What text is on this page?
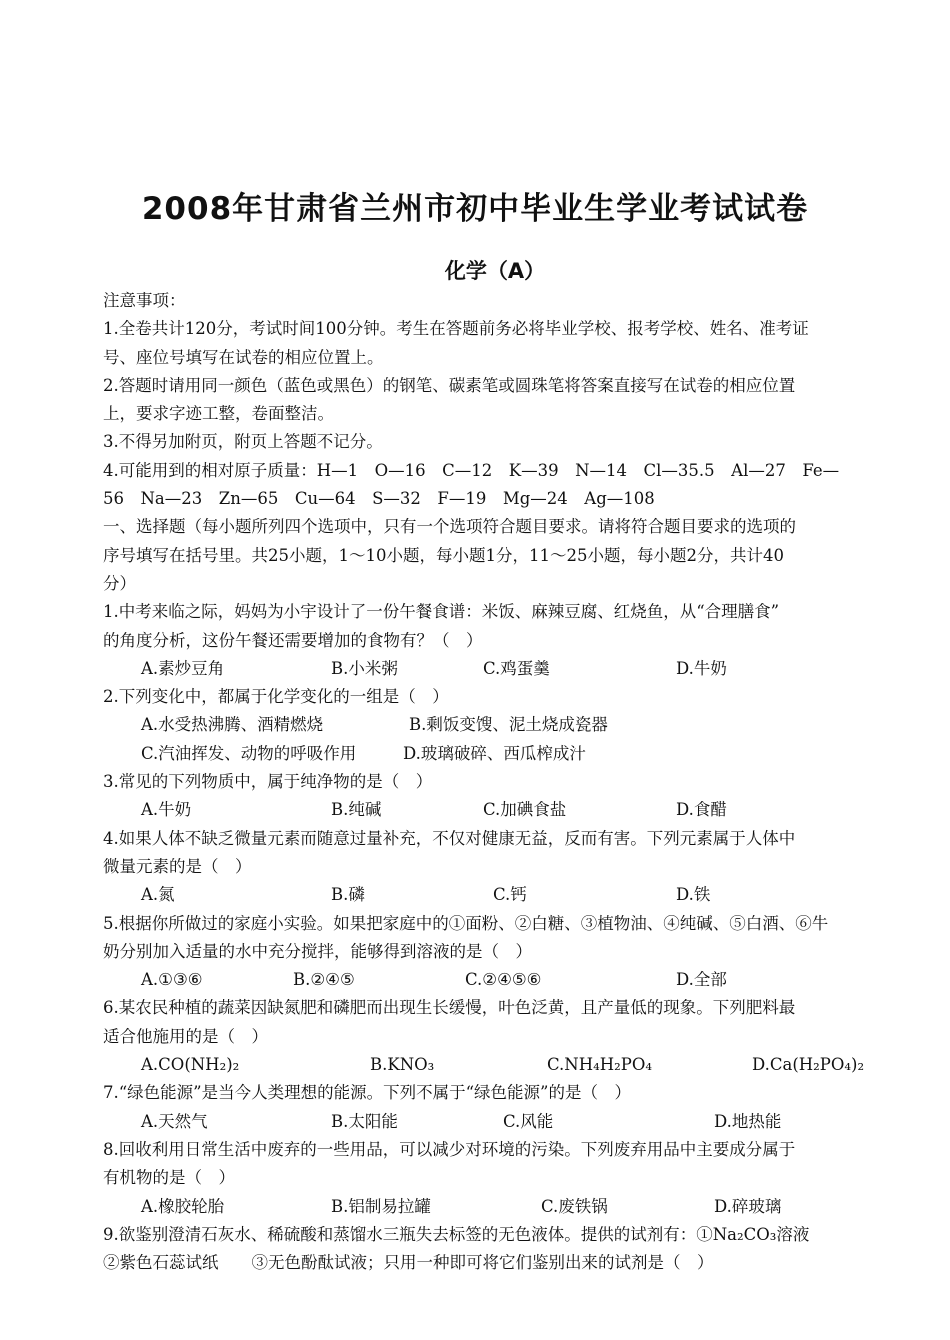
2008年甘肃省兰州市初中毕业生学业考试试卷
化学（A）
注意事项：
1.全卷共计120分，考试时间100分钟。考生在答题前务必将毕业学校、报考学校、姓名、准考证
号、座位号填写在试卷的相应位置上。
2.答题时请用同一颜色（蓝色或黑色）的钢笔、碳素笔或圆珠笔将答案直接写在试卷的相应位置
上，要求字迹工整，卷面整洁。
3.不得另加附页，附页上答题不记分。
4.可能用到的相对原子质量：H—1　O—16　C—12　K—39　N—14　Cl—35.5　Al—27　Fe—
56　Na—23　Zn—65　Cu—64　S—32　F—19　Mg—24　Ag—108
一、选择题（每小题所列四个选项中，只有一个选项符合题目要求。请将符合题目要求的选项的
序号填写在括号里。共25小题，1～10小题，每小题1分，11～25小题，每小题2分，共计40
分）
1.中考来临之际，妈妈为小宇设计了一份午餐食谱：米饭、麻辣豆腐、红烧鱼，从“合理膳食”
的角度分析，这份午餐还需要增加的食物有？（　）
A.素炒豆角	B.小米粥	C.鸡蛋羹	D.牛奶
2.下列变化中，都属于化学变化的一组是（　）
A.水受热沸腾、酒精燃烧	B.剩饭变馊、泥土烧成瓷器
C.汽油挥发、动物的呼吸作用	D.玻璃破碎、西瓜榨成汁
3.常见的下列物质中，属于纯净物的是（　）
A.牛奶	B.纯碱	C.加碘食盐	D.食醋
4.如果人体不缺乏微量元素而随意过量补充，不仅对健康无益，反而有害。下列元素属于人体中
微量元素的是（　）
A.氮	B.磷	C.钙	D.铁
5.根据你所做过的家庭小实验。如果把家庭中的①面粉、②白糖、③植物油、④纯碱、⑤白酒、⑥牛
奶分别加入适量的水中充分搅拌，能够得到溶液的是（　）
A.①③⑥	B.②④⑤	C.②④⑤⑥	D.全部
6.某农民种植的蔬菜因缺氮肥和磷肥而出现生长缓慢，叶色泛黄，且产量低的现象。下列肥料最
适合他施用的是（　）
A.CO(NH₂)₂	B.KNO₃	C.NH₄H₂PO₄	D.Ca(H₂PO₄)₂
7.“绿色能源”是当今人类理想的能源。下列不属于“绿色能源”的是（　）
A.天然气	B.太阳能	C.风能	D.地热能
8.回收利用日常生活中废弃的一些用品，可以减少对环境的污染。下列废弃用品中主要成分属于
有机物的是（　）
A.橡胶轮胎	B.铝制易拉罐	C.废铁锅	D.碎玻璃
9.欲鉴别澄清石灰水、稀硫酸和蒸馏水三瓶失去标签的无色液体。提供的试剂有：①Na₂CO₃溶液
②紫色石蕊试纸　　③无色酚酞试液；只用一种即可将它们鉴别出来的试剂是（　）
